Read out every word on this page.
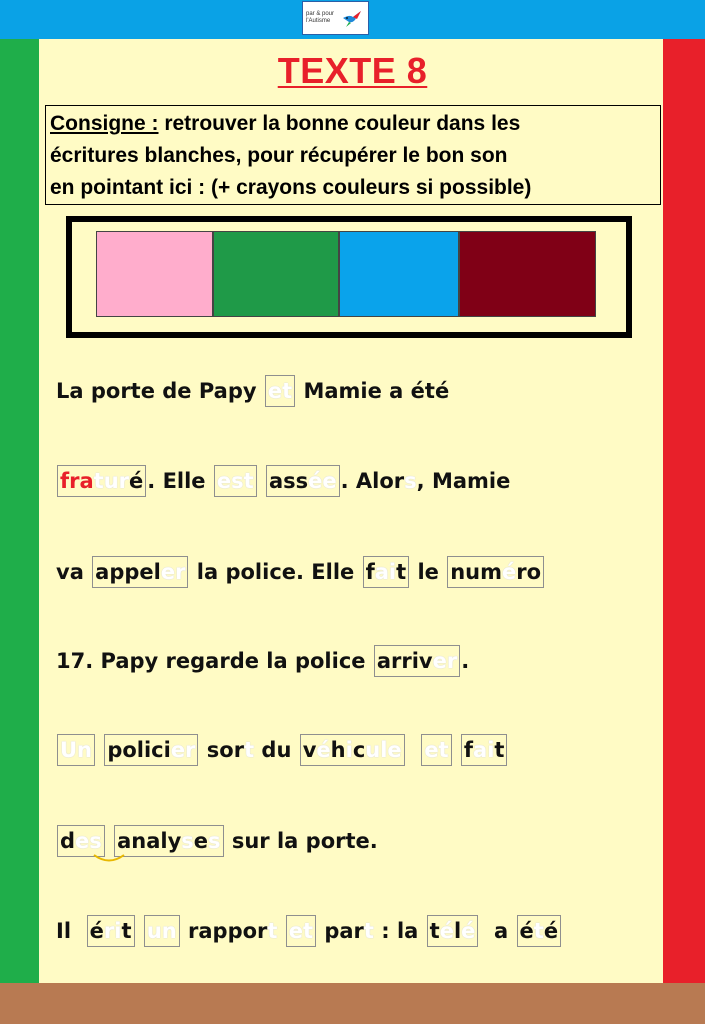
par & pour
l'Autisme
TEXTE 8
Consigne : retrouver la bonne couleur dans les
écritures blanches, pour récupérer le bon son
en pointant ici : (+ crayons couleurs si possible)
La porte de Papy et Mamie a été
fraturé . Elle est assée . Alors, Mamie
va appeler la police. Elle fait le numéro
17. Papy regarde la police arriver .
Un policier sort du véhicule et fait
des analyses sur la porte.
Il  érit un rapport et part : la télé  a été
